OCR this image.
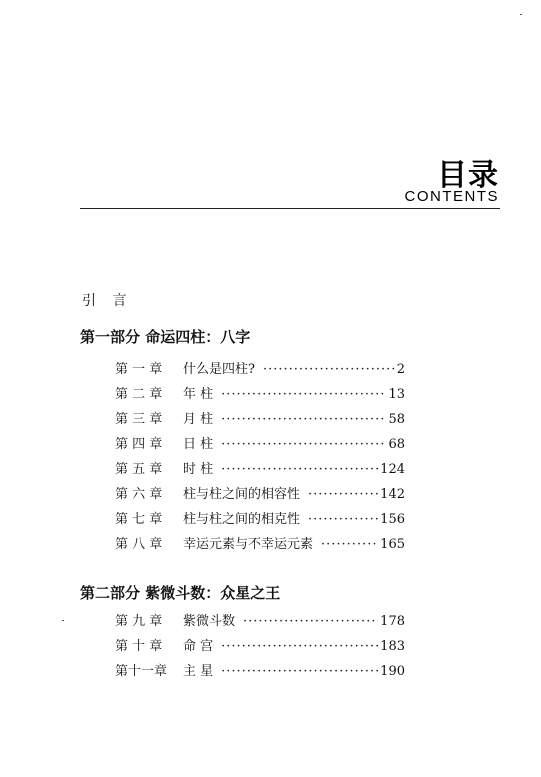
目录
CONTENTS
引 言
第一部分 命运四柱：八字
第 一 章	什么是四柱? ·····	2
第 二 章	年 柱 ·····	13
第 三 章	月 柱 ·····	58
第 四 章	日 柱 ·····	68
第 五 章	时 柱 ·····	124
第 六 章	柱与柱之间的相容性 ·····	142
第 七 章	柱与柱之间的相克性 ·····	156
第 八 章	幸运元素与不幸运元素 ·····	165
第二部分 紫微斗数：众星之王
第 九 章	紫微斗数 ·····	178
第 十 章	命 宫 ·····	183
第十一章	主 星 ·····	190
